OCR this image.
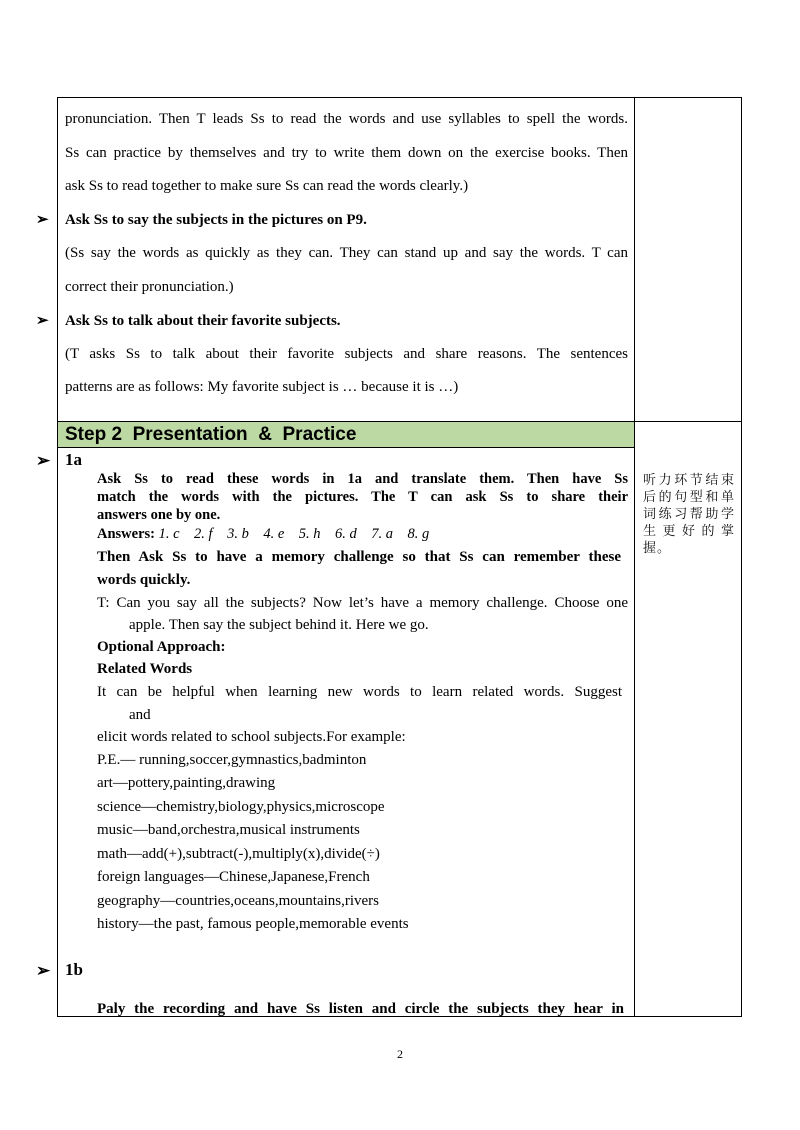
pronunciation. Then T leads Ss to read the words and use syllables to spell the words.
Ss can practice by themselves and try to write them down on the exercise books. Then
ask Ss to read together to make sure Ss can read the words clearly.)
➢ Ask Ss to say the subjects in the pictures on P9.
(Ss say the words as quickly as they can. They can stand up and say the words. T can
correct their pronunciation.)
➢ Ask Ss to talk about their favorite subjects.
(T asks Ss to talk about their favorite subjects and share reasons. The sentences
patterns are as follows: My favorite subject is … because it is …)
Step 2  Presentation  &  Practice
➢ 1a
Ask Ss to read these words in 1a and translate them. Then have Ss
match the words with the pictures. The T can ask Ss to share their
answers one by one.
Answers: 1. c    2. f    3. b    4. e    5. h    6. d    7. a    8. g
Then Ask Ss to have a memory challenge so that Ss can remember these
words quickly.
T: Can you say all the subjects? Now let’s have a memory challenge. Choose one
apple. Then say the subject behind it. Here we go.
Optional Approach:
Related Words
It can be helpful when learning new words to learn related words. Suggest
and
elicit words related to school subjects.For example:
P.E.— running,soccer,gymnastics,badminton
art—pottery,painting,drawing
science—chemistry,biology,physics,microscope
music—band,orchestra,musical instruments
math—add(+),subtract(-),multiply(x),divide(÷)
foreign languages—Chinese,Japanese,French
geography—countries,oceans,mountains,rivers
history—the past, famous people,memorable events
➢ 1b
Paly the recording and have Ss listen and circle the subjects they hear in
听力环节结束后的句型和单词练习帮助学生更好的掌握。
2
